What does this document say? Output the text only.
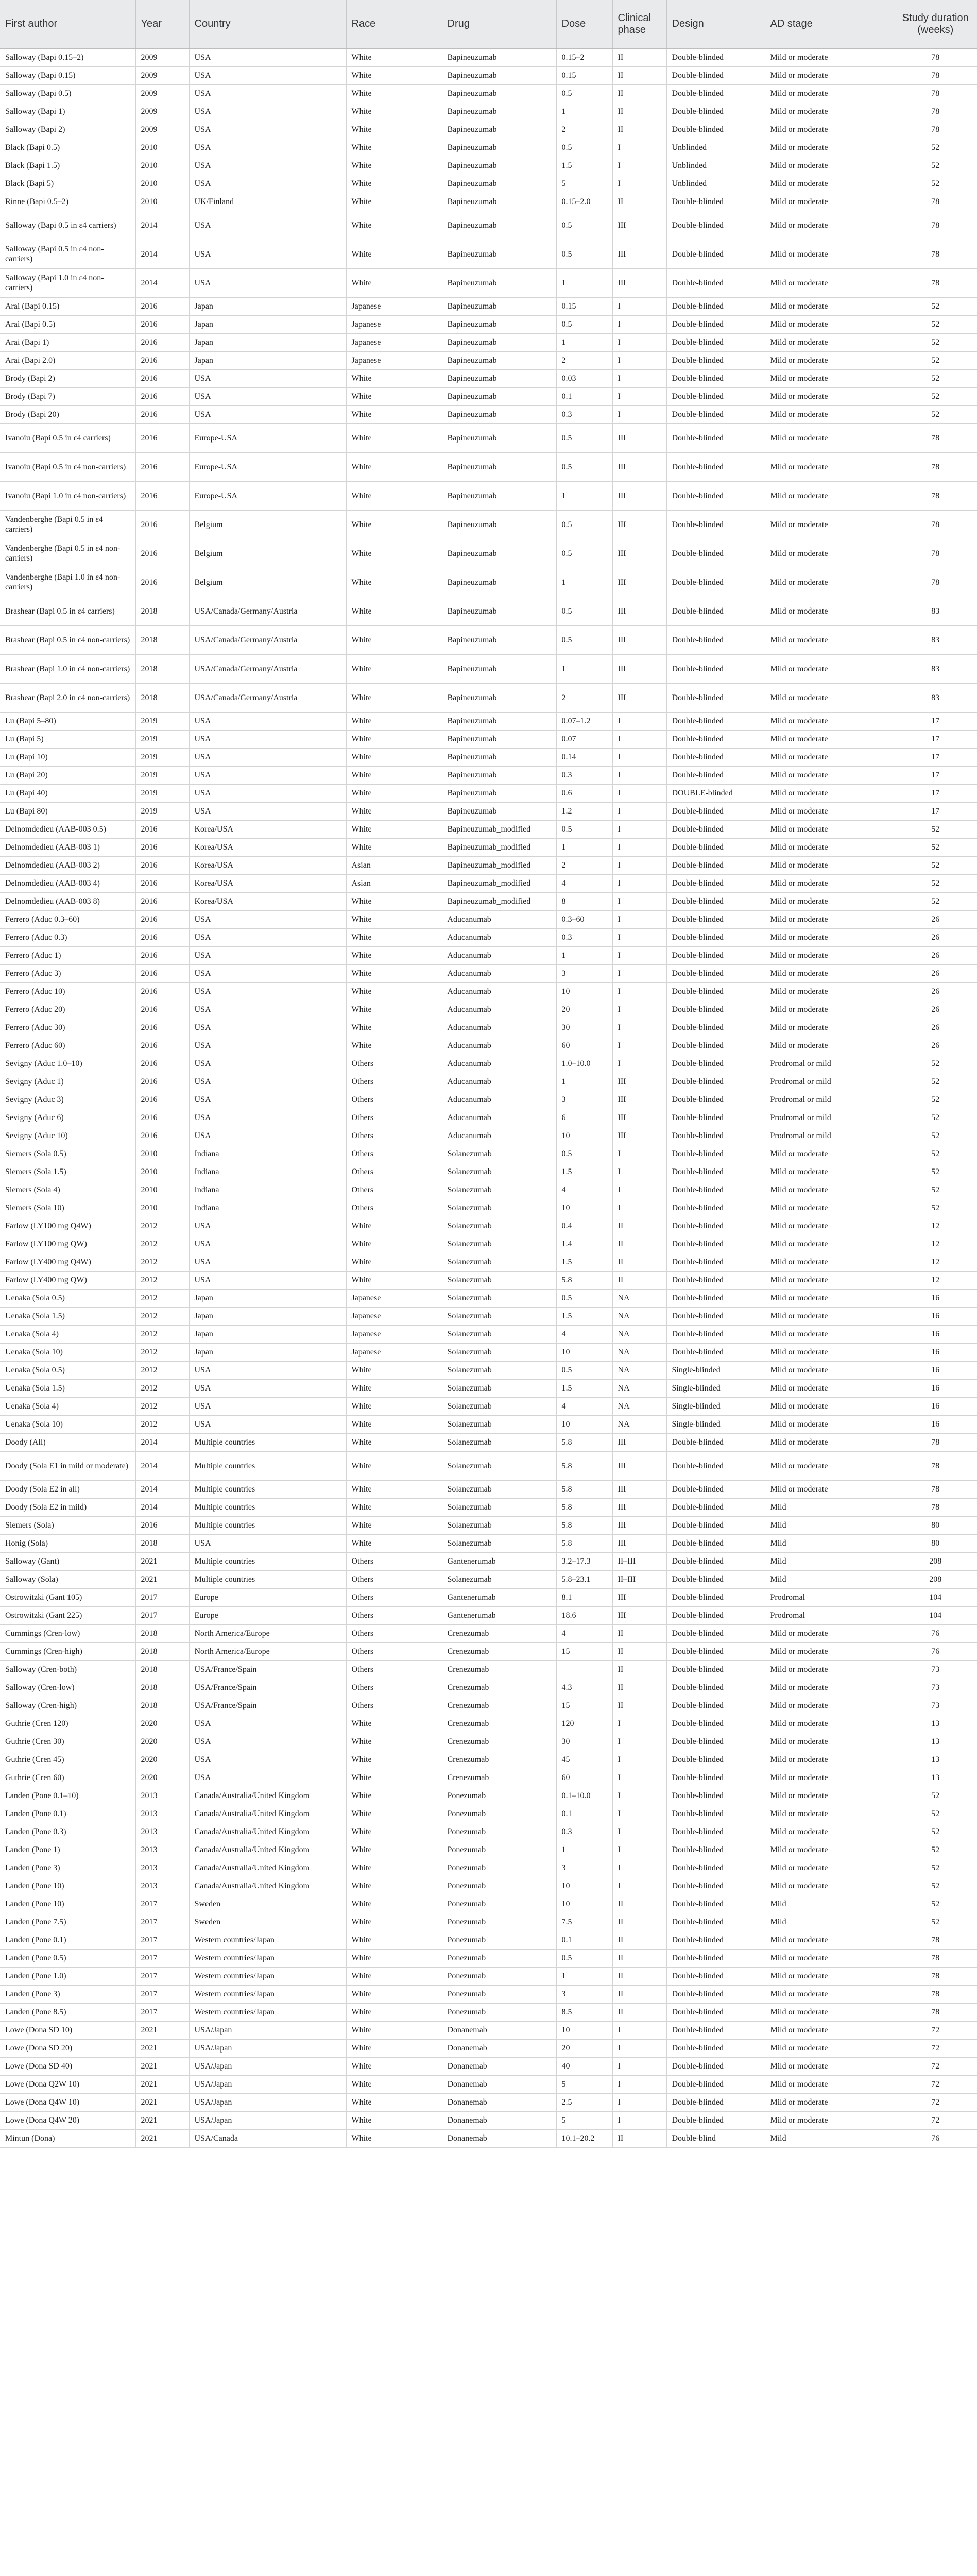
First author	Year	Country	Race	Drug	Dose	Clinical phase	Design	AD stage	Study duration (weeks)
Salloway (Bapi 0.15–2)	2009	USA	White	Bapineuzumab	0.15–2	II	Double-blinded	Mild or moderate	78
Salloway (Bapi 0.15)	2009	USA	White	Bapineuzumab	0.15	II	Double-blinded	Mild or moderate	78
Salloway (Bapi 0.5)	2009	USA	White	Bapineuzumab	0.5	II	Double-blinded	Mild or moderate	78
Salloway (Bapi 1)	2009	USA	White	Bapineuzumab	1	II	Double-blinded	Mild or moderate	78
Salloway (Bapi 2)	2009	USA	White	Bapineuzumab	2	II	Double-blinded	Mild or moderate	78
Black (Bapi 0.5)	2010	USA	White	Bapineuzumab	0.5	I	Unblinded	Mild or moderate	52
Black (Bapi 1.5)	2010	USA	White	Bapineuzumab	1.5	I	Unblinded	Mild or moderate	52
Black (Bapi 5)	2010	USA	White	Bapineuzumab	5	I	Unblinded	Mild or moderate	52
Rinne (Bapi 0.5–2)	2010	UK/Finland	White	Bapineuzumab	0.15–2.0	II	Double-blinded	Mild or moderate	78
Salloway (Bapi 0.5 in ε4 carriers)	2014	USA	White	Bapineuzumab	0.5	III	Double-blinded	Mild or moderate	78
Salloway (Bapi 0.5 in ε4 non-carriers)	2014	USA	White	Bapineuzumab	0.5	III	Double-blinded	Mild or moderate	78
Salloway (Bapi 1.0 in ε4 non-carriers)	2014	USA	White	Bapineuzumab	1	III	Double-blinded	Mild or moderate	78
Arai (Bapi 0.15)	2016	Japan	Japanese	Bapineuzumab	0.15	I	Double-blinded	Mild or moderate	52
Arai (Bapi 0.5)	2016	Japan	Japanese	Bapineuzumab	0.5	I	Double-blinded	Mild or moderate	52
Arai (Bapi 1)	2016	Japan	Japanese	Bapineuzumab	1	I	Double-blinded	Mild or moderate	52
Arai (Bapi 2.0)	2016	Japan	Japanese	Bapineuzumab	2	I	Double-blinded	Mild or moderate	52
Brody (Bapi 2)	2016	USA	White	Bapineuzumab	0.03	I	Double-blinded	Mild or moderate	52
Brody (Bapi 7)	2016	USA	White	Bapineuzumab	0.1	I	Double-blinded	Mild or moderate	52
Brody (Bapi 20)	2016	USA	White	Bapineuzumab	0.3	I	Double-blinded	Mild or moderate	52
Ivanoiu (Bapi 0.5 in ε4 carriers)	2016	Europe-USA	White	Bapineuzumab	0.5	III	Double-blinded	Mild or moderate	78
Ivanoiu (Bapi 0.5 in ε4 non-carriers)	2016	Europe-USA	White	Bapineuzumab	0.5	III	Double-blinded	Mild or moderate	78
Ivanoiu (Bapi 1.0 in ε4 non-carriers)	2016	Europe-USA	White	Bapineuzumab	1	III	Double-blinded	Mild or moderate	78
Vandenberghe (Bapi 0.5 in ε4 carriers)	2016	Belgium	White	Bapineuzumab	0.5	III	Double-blinded	Mild or moderate	78
Vandenberghe (Bapi 0.5 in ε4 non-carriers)	2016	Belgium	White	Bapineuzumab	0.5	III	Double-blinded	Mild or moderate	78
Vandenberghe (Bapi 1.0 in ε4 non-carriers)	2016	Belgium	White	Bapineuzumab	1	III	Double-blinded	Mild or moderate	78
Brashear (Bapi 0.5 in ε4 carriers)	2018	USA/Canada/Germany/Austria	White	Bapineuzumab	0.5	III	Double-blinded	Mild or moderate	83
Brashear (Bapi 0.5 in ε4 non-carriers)	2018	USA/Canada/Germany/Austria	White	Bapineuzumab	0.5	III	Double-blinded	Mild or moderate	83
Brashear (Bapi 1.0 in ε4 non-carriers)	2018	USA/Canada/Germany/Austria	White	Bapineuzumab	1	III	Double-blinded	Mild or moderate	83
Brashear (Bapi 2.0 in ε4 non-carriers)	2018	USA/Canada/Germany/Austria	White	Bapineuzumab	2	III	Double-blinded	Mild or moderate	83
Lu (Bapi 5–80)	2019	USA	White	Bapineuzumab	0.07–1.2	I	Double-blinded	Mild or moderate	17
Lu (Bapi 5)	2019	USA	White	Bapineuzumab	0.07	I	Double-blinded	Mild or moderate	17
Lu (Bapi 10)	2019	USA	White	Bapineuzumab	0.14	I	Double-blinded	Mild or moderate	17
Lu (Bapi 20)	2019	USA	White	Bapineuzumab	0.3	I	Double-blinded	Mild or moderate	17
Lu (Bapi 40)	2019	USA	White	Bapineuzumab	0.6	I	DOUBLE-blinded	Mild or moderate	17
Lu (Bapi 80)	2019	USA	White	Bapineuzumab	1.2	I	Double-blinded	Mild or moderate	17
Delnomdedieu (AAB-003 0.5)	2016	Korea/USA	White	Bapineuzumab_modified	0.5	I	Double-blinded	Mild or moderate	52
Delnomdedieu (AAB-003 1)	2016	Korea/USA	White	Bapineuzumab_modified	1	I	Double-blinded	Mild or moderate	52
Delnomdedieu (AAB-003 2)	2016	Korea/USA	Asian	Bapineuzumab_modified	2	I	Double-blinded	Mild or moderate	52
Delnomdedieu (AAB-003 4)	2016	Korea/USA	Asian	Bapineuzumab_modified	4	I	Double-blinded	Mild or moderate	52
Delnomdedieu (AAB-003 8)	2016	Korea/USA	White	Bapineuzumab_modified	8	I	Double-blinded	Mild or moderate	52
Ferrero (Aduc 0.3–60)	2016	USA	White	Aducanumab	0.3–60	I	Double-blinded	Mild or moderate	26
Ferrero (Aduc 0.3)	2016	USA	White	Aducanumab	0.3	I	Double-blinded	Mild or moderate	26
Ferrero (Aduc 1)	2016	USA	White	Aducanumab	1	I	Double-blinded	Mild or moderate	26
Ferrero (Aduc 3)	2016	USA	White	Aducanumab	3	I	Double-blinded	Mild or moderate	26
Ferrero (Aduc 10)	2016	USA	White	Aducanumab	10	I	Double-blinded	Mild or moderate	26
Ferrero (Aduc 20)	2016	USA	White	Aducanumab	20	I	Double-blinded	Mild or moderate	26
Ferrero (Aduc 30)	2016	USA	White	Aducanumab	30	I	Double-blinded	Mild or moderate	26
Ferrero (Aduc 60)	2016	USA	White	Aducanumab	60	I	Double-blinded	Mild or moderate	26
Sevigny (Aduc 1.0–10)	2016	USA	Others	Aducanumab	1.0–10.0	I	Double-blinded	Prodromal or mild	52
Sevigny (Aduc 1)	2016	USA	Others	Aducanumab	1	III	Double-blinded	Prodromal or mild	52
Sevigny (Aduc 3)	2016	USA	Others	Aducanumab	3	III	Double-blinded	Prodromal or mild	52
Sevigny (Aduc 6)	2016	USA	Others	Aducanumab	6	III	Double-blinded	Prodromal or mild	52
Sevigny (Aduc 10)	2016	USA	Others	Aducanumab	10	III	Double-blinded	Prodromal or mild	52
Siemers (Sola 0.5)	2010	Indiana	Others	Solanezumab	0.5	I	Double-blinded	Mild or moderate	52
Siemers (Sola 1.5)	2010	Indiana	Others	Solanezumab	1.5	I	Double-blinded	Mild or moderate	52
Siemers (Sola 4)	2010	Indiana	Others	Solanezumab	4	I	Double-blinded	Mild or moderate	52
Siemers (Sola 10)	2010	Indiana	Others	Solanezumab	10	I	Double-blinded	Mild or moderate	52
Farlow (LY100 mg Q4W)	2012	USA	White	Solanezumab	0.4	II	Double-blinded	Mild or moderate	12
Farlow (LY100 mg QW)	2012	USA	White	Solanezumab	1.4	II	Double-blinded	Mild or moderate	12
Farlow (LY400 mg Q4W)	2012	USA	White	Solanezumab	1.5	II	Double-blinded	Mild or moderate	12
Farlow (LY400 mg QW)	2012	USA	White	Solanezumab	5.8	II	Double-blinded	Mild or moderate	12
Uenaka (Sola 0.5)	2012	Japan	Japanese	Solanezumab	0.5	NA	Double-blinded	Mild or moderate	16
Uenaka (Sola 1.5)	2012	Japan	Japanese	Solanezumab	1.5	NA	Double-blinded	Mild or moderate	16
Uenaka (Sola 4)	2012	Japan	Japanese	Solanezumab	4	NA	Double-blinded	Mild or moderate	16
Uenaka (Sola 10)	2012	Japan	Japanese	Solanezumab	10	NA	Double-blinded	Mild or moderate	16
Uenaka (Sola 0.5)	2012	USA	White	Solanezumab	0.5	NA	Single-blinded	Mild or moderate	16
Uenaka (Sola 1.5)	2012	USA	White	Solanezumab	1.5	NA	Single-blinded	Mild or moderate	16
Uenaka (Sola 4)	2012	USA	White	Solanezumab	4	NA	Single-blinded	Mild or moderate	16
Uenaka (Sola 10)	2012	USA	White	Solanezumab	10	NA	Single-blinded	Mild or moderate	16
Doody (All)	2014	Multiple countries	White	Solanezumab	5.8	III	Double-blinded	Mild or moderate	78
Doody (Sola E1 in mild or moderate)	2014	Multiple countries	White	Solanezumab	5.8	III	Double-blinded	Mild or moderate	78
Doody (Sola E2 in all)	2014	Multiple countries	White	Solanezumab	5.8	III	Double-blinded	Mild or moderate	78
Doody (Sola E2 in mild)	2014	Multiple countries	White	Solanezumab	5.8	III	Double-blinded	Mild	78
Siemers (Sola)	2016	Multiple countries	White	Solanezumab	5.8	III	Double-blinded	Mild	80
Honig (Sola)	2018	USA	White	Solanezumab	5.8	III	Double-blinded	Mild	80
Salloway (Gant)	2021	Multiple countries	Others	Gantenerumab	3.2–17.3	II–III	Double-blinded	Mild	208
Salloway (Sola)	2021	Multiple countries	Others	Solanezumab	5.8–23.1	II–III	Double-blinded	Mild	208
Ostrowitzki (Gant 105)	2017	Europe	Others	Gantenerumab	8.1	III	Double-blinded	Prodromal	104
Ostrowitzki (Gant 225)	2017	Europe	Others	Gantenerumab	18.6	III	Double-blinded	Prodromal	104
Cummings (Cren-low)	2018	North America/Europe	Others	Crenezumab	4	II	Double-blinded	Mild or moderate	76
Cummings (Cren-high)	2018	North America/Europe	Others	Crenezumab	15	II	Double-blinded	Mild or moderate	76
Salloway (Cren-both)	2018	USA/France/Spain	Others	Crenezumab		II	Double-blinded	Mild or moderate	73
Salloway (Cren-low)	2018	USA/France/Spain	Others	Crenezumab	4.3	II	Double-blinded	Mild or moderate	73
Salloway (Cren-high)	2018	USA/France/Spain	Others	Crenezumab	15	II	Double-blinded	Mild or moderate	73
Guthrie (Cren 120)	2020	USA	White	Crenezumab	120	I	Double-blinded	Mild or moderate	13
Guthrie (Cren 30)	2020	USA	White	Crenezumab	30	I	Double-blinded	Mild or moderate	13
Guthrie (Cren 45)	2020	USA	White	Crenezumab	45	I	Double-blinded	Mild or moderate	13
Guthrie (Cren 60)	2020	USA	White	Crenezumab	60	I	Double-blinded	Mild or moderate	13
Landen (Pone 0.1–10)	2013	Canada/Australia/United Kingdom	White	Ponezumab	0.1–10.0	I	Double-blinded	Mild or moderate	52
Landen (Pone 0.1)	2013	Canada/Australia/United Kingdom	White	Ponezumab	0.1	I	Double-blinded	Mild or moderate	52
Landen (Pone 0.3)	2013	Canada/Australia/United Kingdom	White	Ponezumab	0.3	I	Double-blinded	Mild or moderate	52
Landen (Pone 1)	2013	Canada/Australia/United Kingdom	White	Ponezumab	1	I	Double-blinded	Mild or moderate	52
Landen (Pone 3)	2013	Canada/Australia/United Kingdom	White	Ponezumab	3	I	Double-blinded	Mild or moderate	52
Landen (Pone 10)	2013	Canada/Australia/United Kingdom	White	Ponezumab	10	I	Double-blinded	Mild or moderate	52
Landen (Pone 10)	2017	Sweden	White	Ponezumab	10	II	Double-blinded	Mild	52
Landen (Pone 7.5)	2017	Sweden	White	Ponezumab	7.5	II	Double-blinded	Mild	52
Landen (Pone 0.1)	2017	Western countries/Japan	White	Ponezumab	0.1	II	Double-blinded	Mild or moderate	78
Landen (Pone 0.5)	2017	Western countries/Japan	White	Ponezumab	0.5	II	Double-blinded	Mild or moderate	78
Landen (Pone 1.0)	2017	Western countries/Japan	White	Ponezumab	1	II	Double-blinded	Mild or moderate	78
Landen (Pone 3)	2017	Western countries/Japan	White	Ponezumab	3	II	Double-blinded	Mild or moderate	78
Landen (Pone 8.5)	2017	Western countries/Japan	White	Ponezumab	8.5	II	Double-blinded	Mild or moderate	78
Lowe (Dona SD 10)	2021	USA/Japan	White	Donanemab	10	I	Double-blinded	Mild or moderate	72
Lowe (Dona SD 20)	2021	USA/Japan	White	Donanemab	20	I	Double-blinded	Mild or moderate	72
Lowe (Dona SD 40)	2021	USA/Japan	White	Donanemab	40	I	Double-blinded	Mild or moderate	72
Lowe (Dona Q2W 10)	2021	USA/Japan	White	Donanemab	5	I	Double-blinded	Mild or moderate	72
Lowe (Dona Q4W 10)	2021	USA/Japan	White	Donanemab	2.5	I	Double-blinded	Mild or moderate	72
Lowe (Dona Q4W 20)	2021	USA/Japan	White	Donanemab	5	I	Double-blinded	Mild or moderate	72
Mintun (Dona)	2021	USA/Canada	White	Donanemab	10.1–20.2	II	Double-blind	Mild	76
